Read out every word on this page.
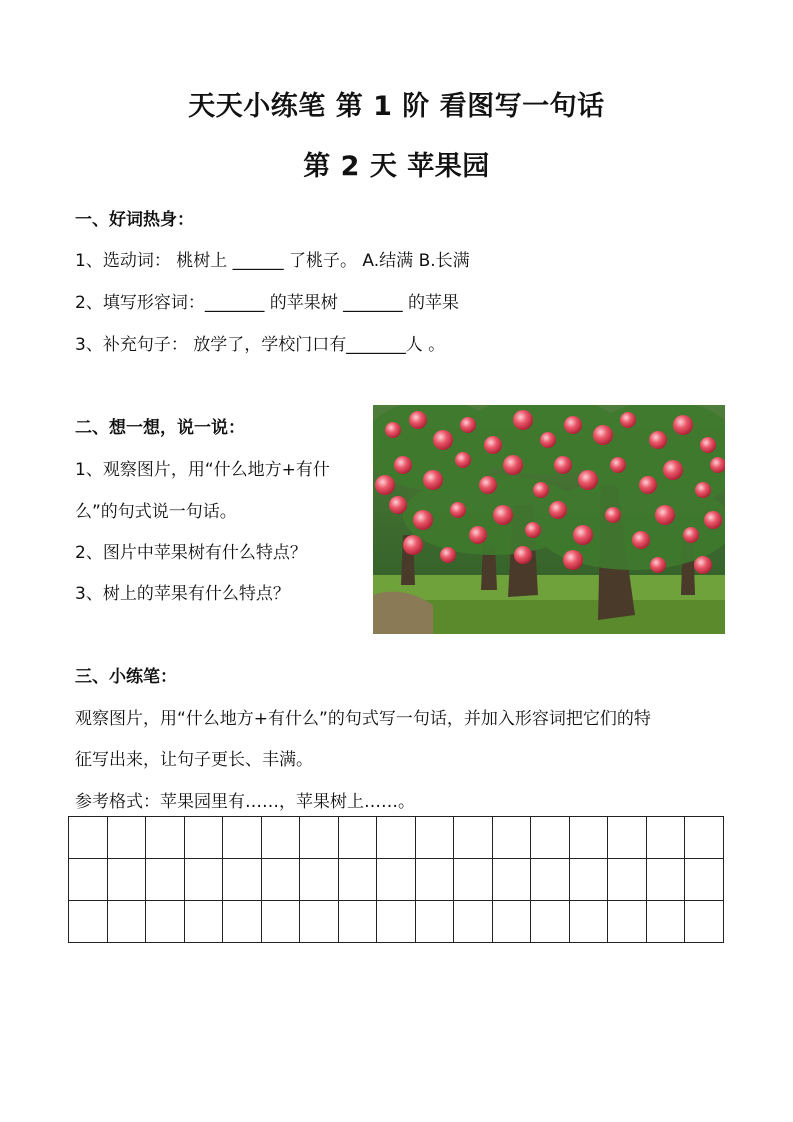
天天小练笔 第 1 阶 看图写一句话
第 2 天 苹果园
一、好词热身：
1、选动词： 桃树上 ______ 了桃子。 A.结满 B.长满
2、填写形容词：_______ 的苹果树 _______ 的苹果
3、补充句子： 放学了，学校门口有_______人 。
二、想一想，说一说：
1、观察图片，用“什么地方+有什
么”的句式说一句话。
2、图片中苹果树有什么特点？
3、树上的苹果有什么特点？
三、小练笔：
观察图片，用“什么地方+有什么”的句式写一句话，并加入形容词把它们的特
征写出来，让句子更长、丰满。
参考格式：苹果园里有……，苹果树上……。
